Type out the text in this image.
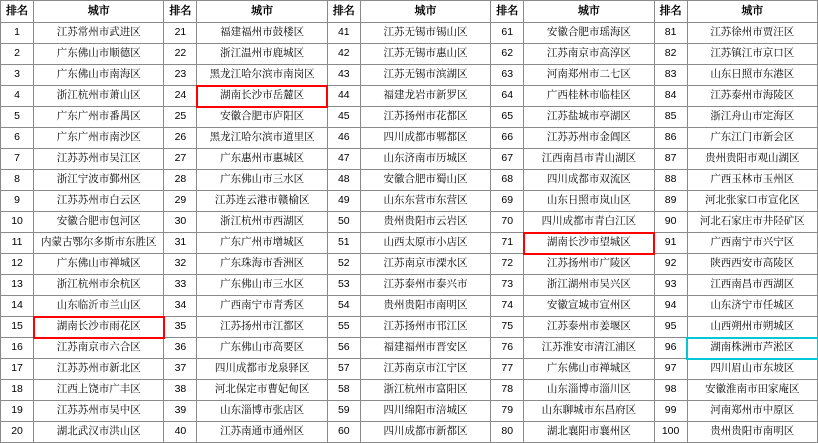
排名	城市	排名	城市	排名	城市	排名	城市	排名	城市
1	江苏常州市武进区	21	福建福州市鼓楼区	41	江苏无锡市锡山区	61	安徽合肥市瑶海区	81	江苏徐州市贾汪区
2	广东佛山市顺德区	22	浙江温州市鹿城区	42	江苏无锡市惠山区	62	江苏南京市高淳区	82	江苏镇江市京口区
3	广东佛山市南海区	23	黑龙江哈尔滨市南岗区	43	江苏无锡市滨湖区	63	河南郑州市二七区	83	山东日照市东港区
4	浙江杭州市萧山区	24	湖南长沙市岳麓区	44	福建龙岩市新罗区	64	广西桂林市临桂区	84	江苏泰州市海陵区
5	广东广州市番禺区	25	安徽合肥市庐阳区	45	江苏扬州市花都区	65	江苏盐城市亭湖区	85	浙江舟山市定海区
6	广东广州市南沙区	26	黑龙江哈尔滨市道里区	46	四川成都市郫都区	66	江苏苏州市金阊区	86	广东江门市新会区
7	江苏苏州市吴江区	27	广东惠州市惠城区	47	山东济南市历城区	67	江西南昌市青山湖区	87	贵州贵阳市观山湖区
8	浙江宁波市鄞州区	28	广东佛山市三水区	48	安徽合肥市蜀山区	68	四川成都市双流区	88	广西玉林市玉州区
9	江苏苏州市白云区	29	江苏连云港市赣榆区	49	山东东营市东营区	69	山东日照市岚山区	89	河北张家口市宣化区
10	安徽合肥市包河区	30	浙江杭州市西湖区	50	贵州贵阳市云岩区	70	四川成都市青白江区	90	河北石家庄市井陉矿区
11	内蒙古鄂尔多斯市东胜区	31	广东广州市增城区	51	山西太原市小店区	71	湖南长沙市望城区	91	广西南宁市兴宁区
12	广东佛山市禅城区	32	广东珠海市香洲区	52	江苏南京市溧水区	72	江苏扬州市广陵区	92	陕西西安市高陵区
13	浙江杭州市余杭区	33	广东佛山市三水区	53	江苏泰州市泰兴市	73	浙江湖州市吴兴区	93	江西南昌市西湖区
14	山东临沂市兰山区	34	广西南宁市青秀区	54	贵州贵阳市南明区	74	安徽宣城市宣州区	94	山东济宁市任城区
15	湖南长沙市雨花区	35	江苏扬州市江都区	55	江苏扬州市邗江区	75	江苏泰州市姜堰区	95	山西朔州市朔城区
16	江苏南京市六合区	36	广东佛山市高要区	56	福建福州市晋安区	76	江苏淮安市清江浦区	96	湖南株洲市芦淞区
17	江苏苏州市新北区	37	四川成都市龙泉驿区	57	江苏南京市江宁区	77	广东佛山市禅城区	97	四川眉山市东坡区
18	江西上饶市广丰区	38	河北保定市曹妃甸区	58	浙江杭州市富阳区	78	山东淄博市淄川区	98	安徽淮南市田家庵区
19	江苏苏州市吴中区	39	山东淄博市张店区	59	四川绵阳市涪城区	79	山东聊城市东昌府区	99	河南郑州市中原区
20	湖北武汉市洪山区	40	江苏南通市通州区	60	四川成都市新都区	80	湖北襄阳市襄州区	100	贵州贵阳市南明区
